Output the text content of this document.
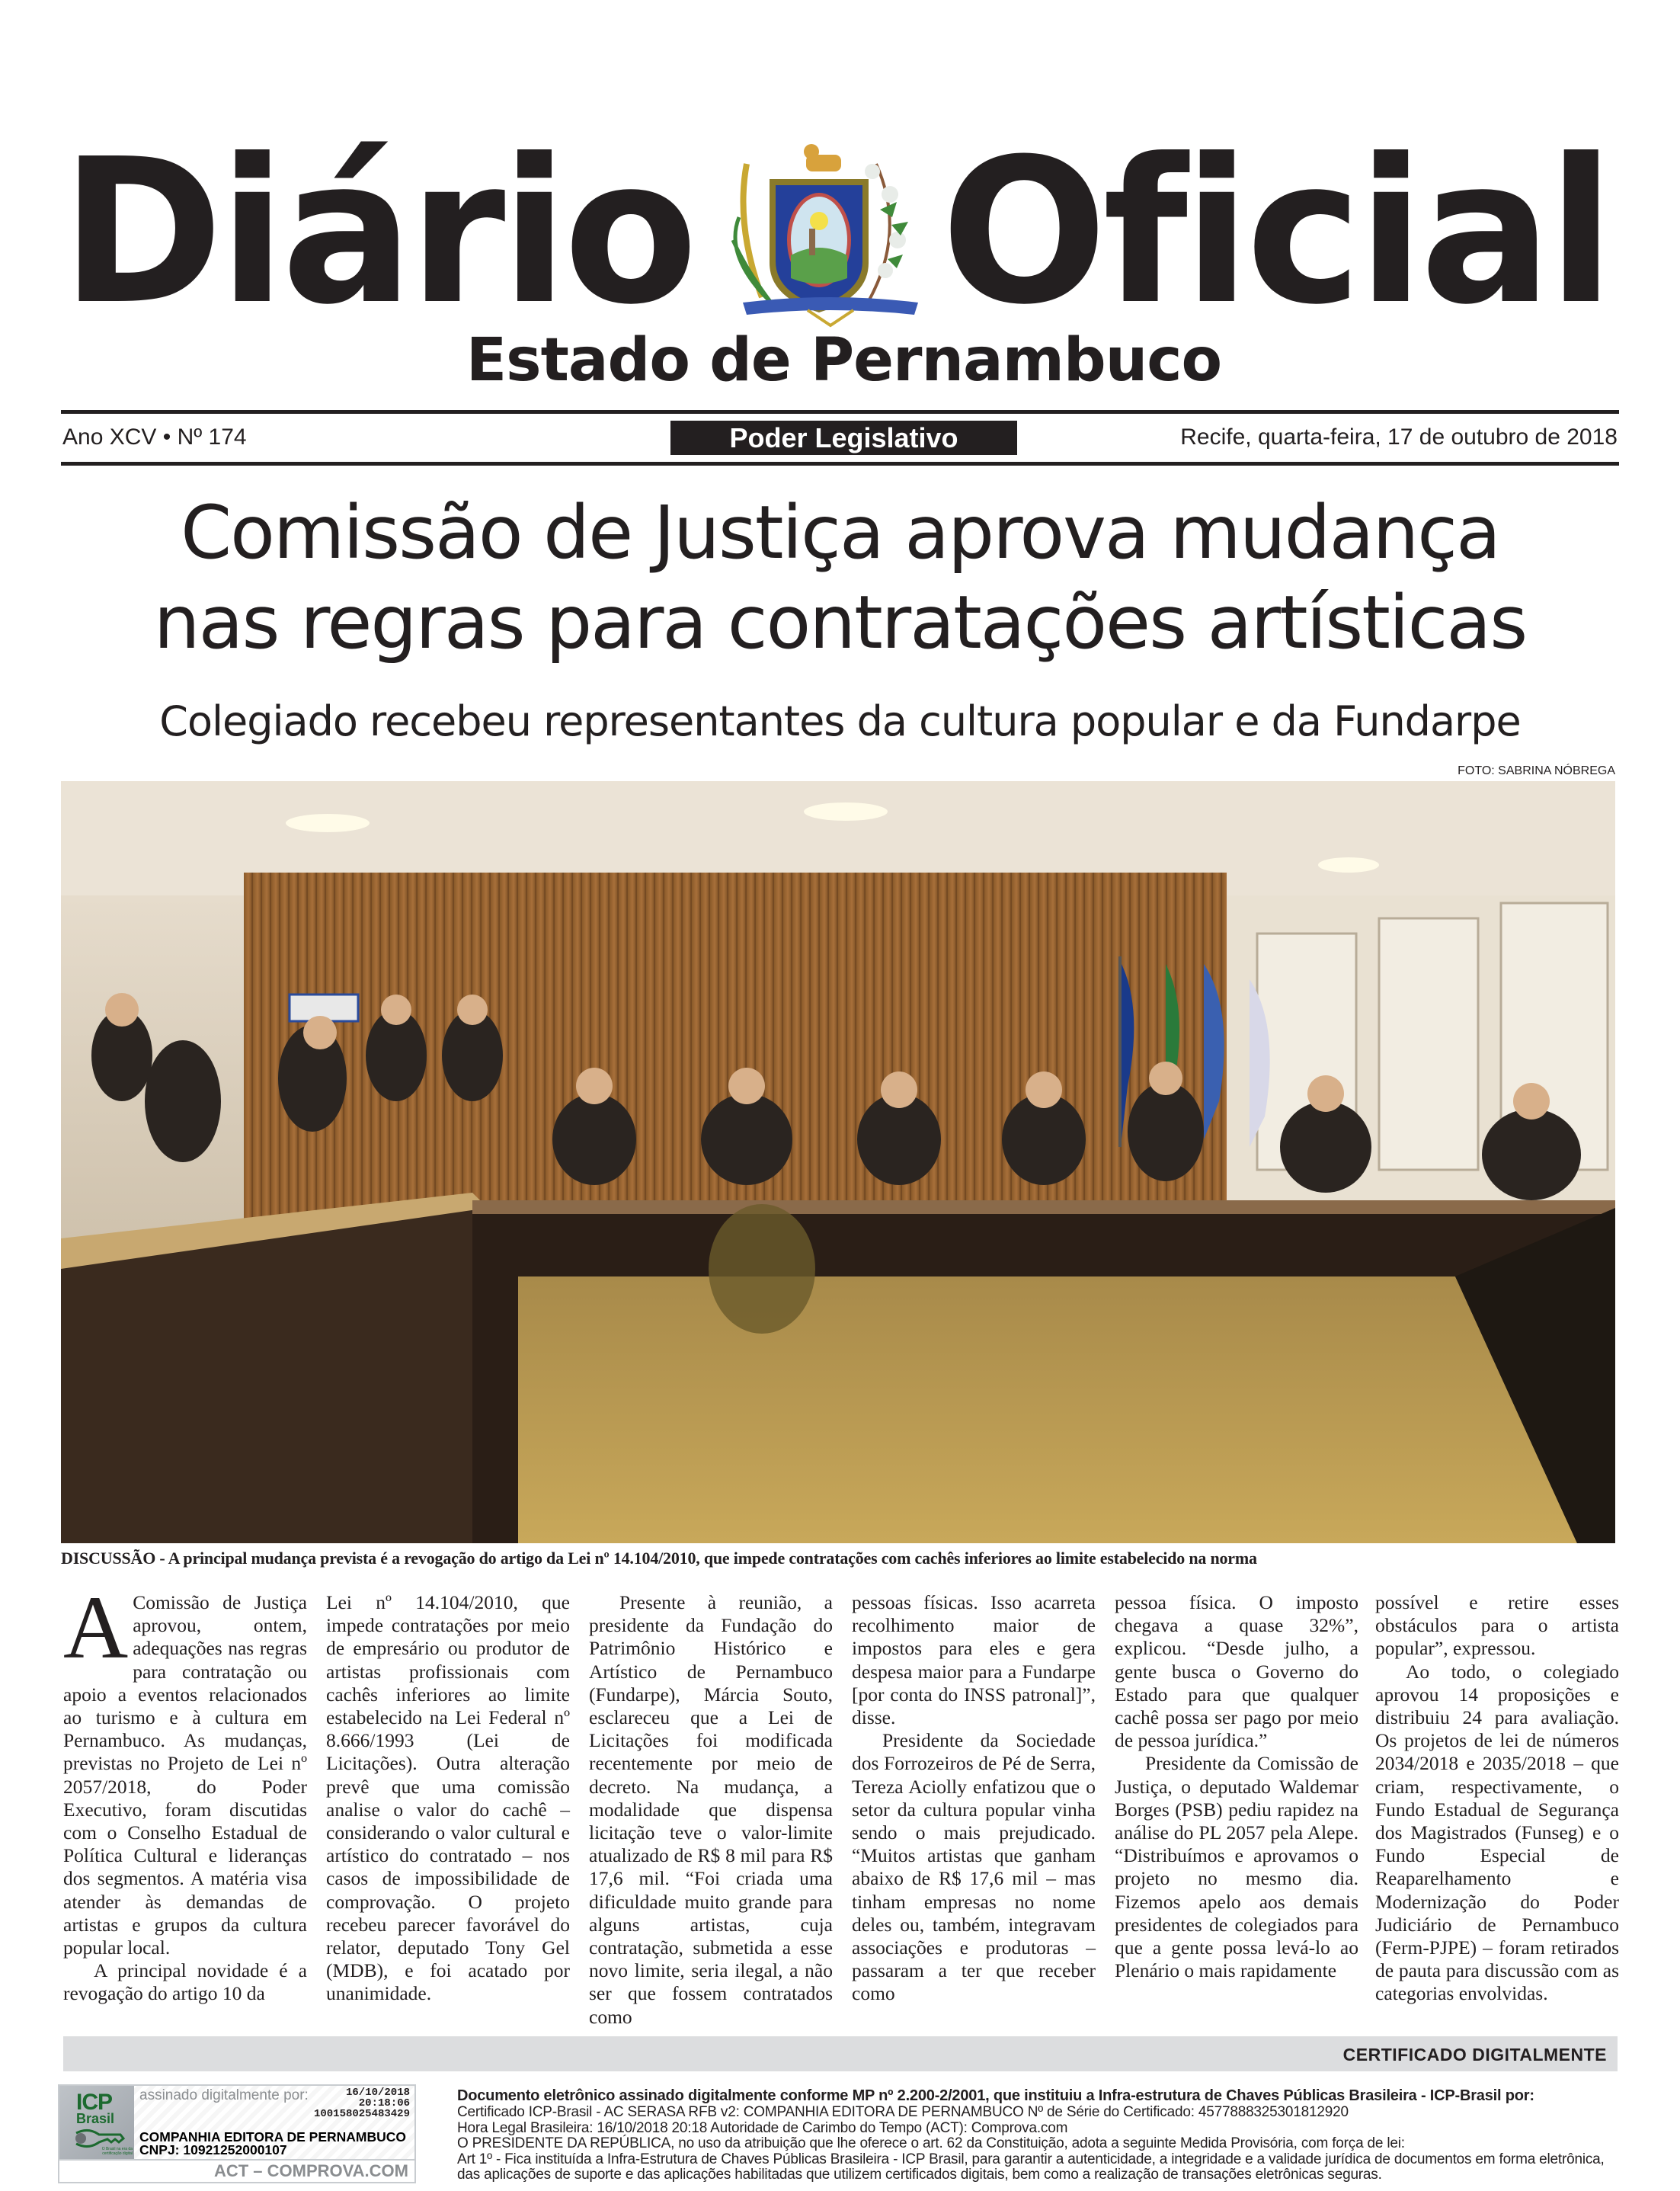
Diário Oficial
Estado de Pernambuco
Ano XCV • Nº 174	Poder Legislativo	Recife, quarta-feira, 17 de outubro de 2018
Comissão de Justiça aprova mudança
nas regras para contratações artísticas
Colegiado recebeu representantes da cultura popular e da Fundarpe
FOTO: SABRINA NÓBREGA
DISCUSSÃO - A principal mudança prevista é a revogação do artigo da Lei nº 14.104/2010, que impede contratações com cachês inferiores ao limite estabelecido na norma

A Comissão de Justiça aprovou, ontem, adequações nas regras para contratação ou apoio a eventos relacionados ao turismo e à cultura em Pernambuco. As mudanças, previstas no Projeto de Lei nº 2057/2018, do Poder Executivo, foram discutidas com o Conselho Estadual de Política Cultural e lideranças dos segmentos. A matéria visa atender às demandas de artistas e grupos da cultura popular local.

A principal novidade é a revogação do artigo 10 da

Lei nº 14.104/2010, que impede contratações por meio de empresário ou produtor de artistas profissionais com cachês inferiores ao limite estabelecido na Lei Federal nº 8.666/1993 (Lei de Licitações). Outra alteração prevê que uma comissão analise o valor do cachê – considerando o valor cultural e artístico do contratado – nos casos de impossibilidade de comprovação. O projeto recebeu parecer favorável do relator, deputado Tony Gel (MDB), e foi acatado por unanimidade.

Presente à reunião, a presidente da Fundação do Patrimônio Histórico e Artístico de Pernambuco (Fundarpe), Márcia Souto, esclareceu que a Lei de Licitações foi modificada recentemente por meio de decreto. Na mudança, a modalidade que dispensa licitação teve o valor-limite atualizado de R$ 8 mil para R$ 17,6 mil. “Foi criada uma dificuldade muito grande para alguns artistas, cuja contratação, submetida a esse novo limite, seria ilegal, a não ser que fossem contratados como

pessoas físicas. Isso acarreta recolhimento maior de impostos para eles e gera despesa maior para a Fundarpe [por conta do INSS patronal]”, disse.

Presidente da Sociedade dos Forrozeiros de Pé de Serra, Tereza Aciolly enfatizou que o setor da cultura popular vinha sendo o mais prejudicado. “Muitos artistas que ganham abaixo de R$ 17,6 mil – mas tinham empresas no nome deles ou, também, integravam associações e produtoras – passaram a ter que receber como

pessoa física. O imposto chegava a quase 32%”, explicou. “Desde julho, a gente busca o Governo do Estado para que qualquer cachê possa ser pago por meio de pessoa jurídica.”

Presidente da Comissão de Justiça, o deputado Waldemar Borges (PSB) pediu rapidez na análise do PL 2057 pela Alepe. “Distribuímos e aprovamos o projeto no mesmo dia. Fizemos apelo aos demais presidentes de colegiados para que a gente possa levá-lo ao Plenário o mais rapidamente

possível e retire esses obstáculos para o artista popular”, expressou.

Ao todo, o colegiado aprovou 14 proposições e distribuiu 24 para avaliação. Os projetos de lei de números 2034/2018 e 2035/2018 – que criam, respectivamente, o Fundo Estadual de Segurança dos Magistrados (Funseg) e o Fundo Especial de Reaparelhamento e Modernização do Poder Judiciário de Pernambuco (Ferm-PJPE) – foram retirados de pauta para discussão com as categorias envolvidas.

CERTIFICADO DIGITALMENTE
ICP
Brasil
O Brasil na era da certificação digital
assinado digitalmente por:	16/10/2018
20:18:06
100158025483429
COMPANHIA EDITORA DE PERNAMBUCO
CNPJ: 10921252000107
ACT – COMPROVA.COM
Documento eletrônico assinado digitalmente conforme MP nº 2.200-2/2001, que instituiu a Infra-estrutura de Chaves Públicas Brasileira - ICP-Brasil por:
Certificado ICP-Brasil - AC SERASA RFB v2: COMPANHIA EDITORA DE PERNAMBUCO Nº de Série do Certificado: 4577888325301812920
Hora Legal Brasileira: 16/10/2018 20:18 Autoridade de Carimbo do Tempo (ACT): Comprova.com
O PRESIDENTE DA REPÚBLICA, no uso da atribuição que lhe oferece o art. 62 da Constituição, adota a seguinte Medida Provisória, com força de lei:
Art 1º - Fica instituída a Infra-Estrutura de Chaves Públicas Brasileira - ICP Brasil, para garantir a autenticidade, a integridade e a validade jurídica de documentos em forma eletrônica,
das aplicações de suporte e das aplicações habilitadas que utilizem certificados digitais, bem como a realização de transações eletrônicas seguras.
